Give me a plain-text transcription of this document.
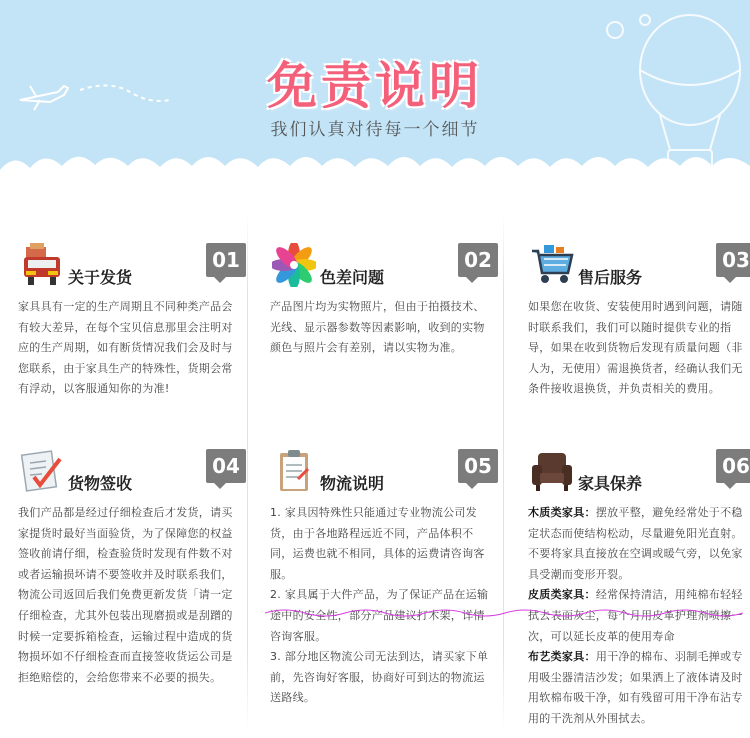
免责说明
我们认真对待每一个细节
关于发货
01
家具具有一定的生产周期且不同种类产品会有较大差异，在每个宝贝信息那里会注明对应的生产周期，如有断货情况我们会及时与您联系，由于家具生产的特殊性，货期会常有浮动，以客服通知你的为准!
色差问题
02
产品图片均为实物照片，但由于拍摄技术、光线、显示器参数等因素影响，收到的实物颜色与照片会有差别，请以实物为准。
售后服务
03
如果您在收货、安装使用时遇到问题，请随时联系我们，我们可以随时提供专业的指导，如果在收到货物后发现有质量问题（非人为，无使用）需退换货者，经确认我们无条件接收退换货，并负责相关的费用。
货物签收
04
我们产品都是经过仔细检查后才发货，请买家提货时最好当面验货，为了保障您的权益签收前请仔细，检查验货时发现有件数不对或者运输损坏请不要签收并及时联系我们，物流公司返回后我们免费更新发货「请一定仔细检查，尤其外包装出现磨损或是刮蹭的时候一定要拆箱检查，运输过程中造成的货物损坏如不仔细检查而直接签收货运公司是拒绝赔偿的，会给您带来不必要的损失。
物流说明
05

1. 家具因特殊性只能通过专业物流公司发货，由于各地路程远近不同，产品体积不同，运费也就不相同，具体的运费请咨询客服。

2. 家具属于大件产品，为了保证产品在运输途中的安全性，部分产品建议打木架，详情咨询客服。

3. 部分地区物流公司无法到达，请买家下单前，先咨询好客服，协商好可到达的物流运送路线。

家具保养
06

木质类家具：摆放平整，避免经常处于不稳定状态而使结构松动，尽量避免阳光直射。不要将家具直接放在空调或暖气旁，以免家具受潮而变形开裂。

皮质类家具：经常保持清洁，用纯棉布轻轻拭去表面灰尘，每个月用皮革护理剂喷擦一次，可以延长皮革的使用寿命

布艺类家具：用干净的棉布、羽制毛掸或专用吸尘器清洁沙发；如果洒上了液体请及时用软棉布吸干净，如有残留可用干净布沾专用的干洗剂从外围拭去。
